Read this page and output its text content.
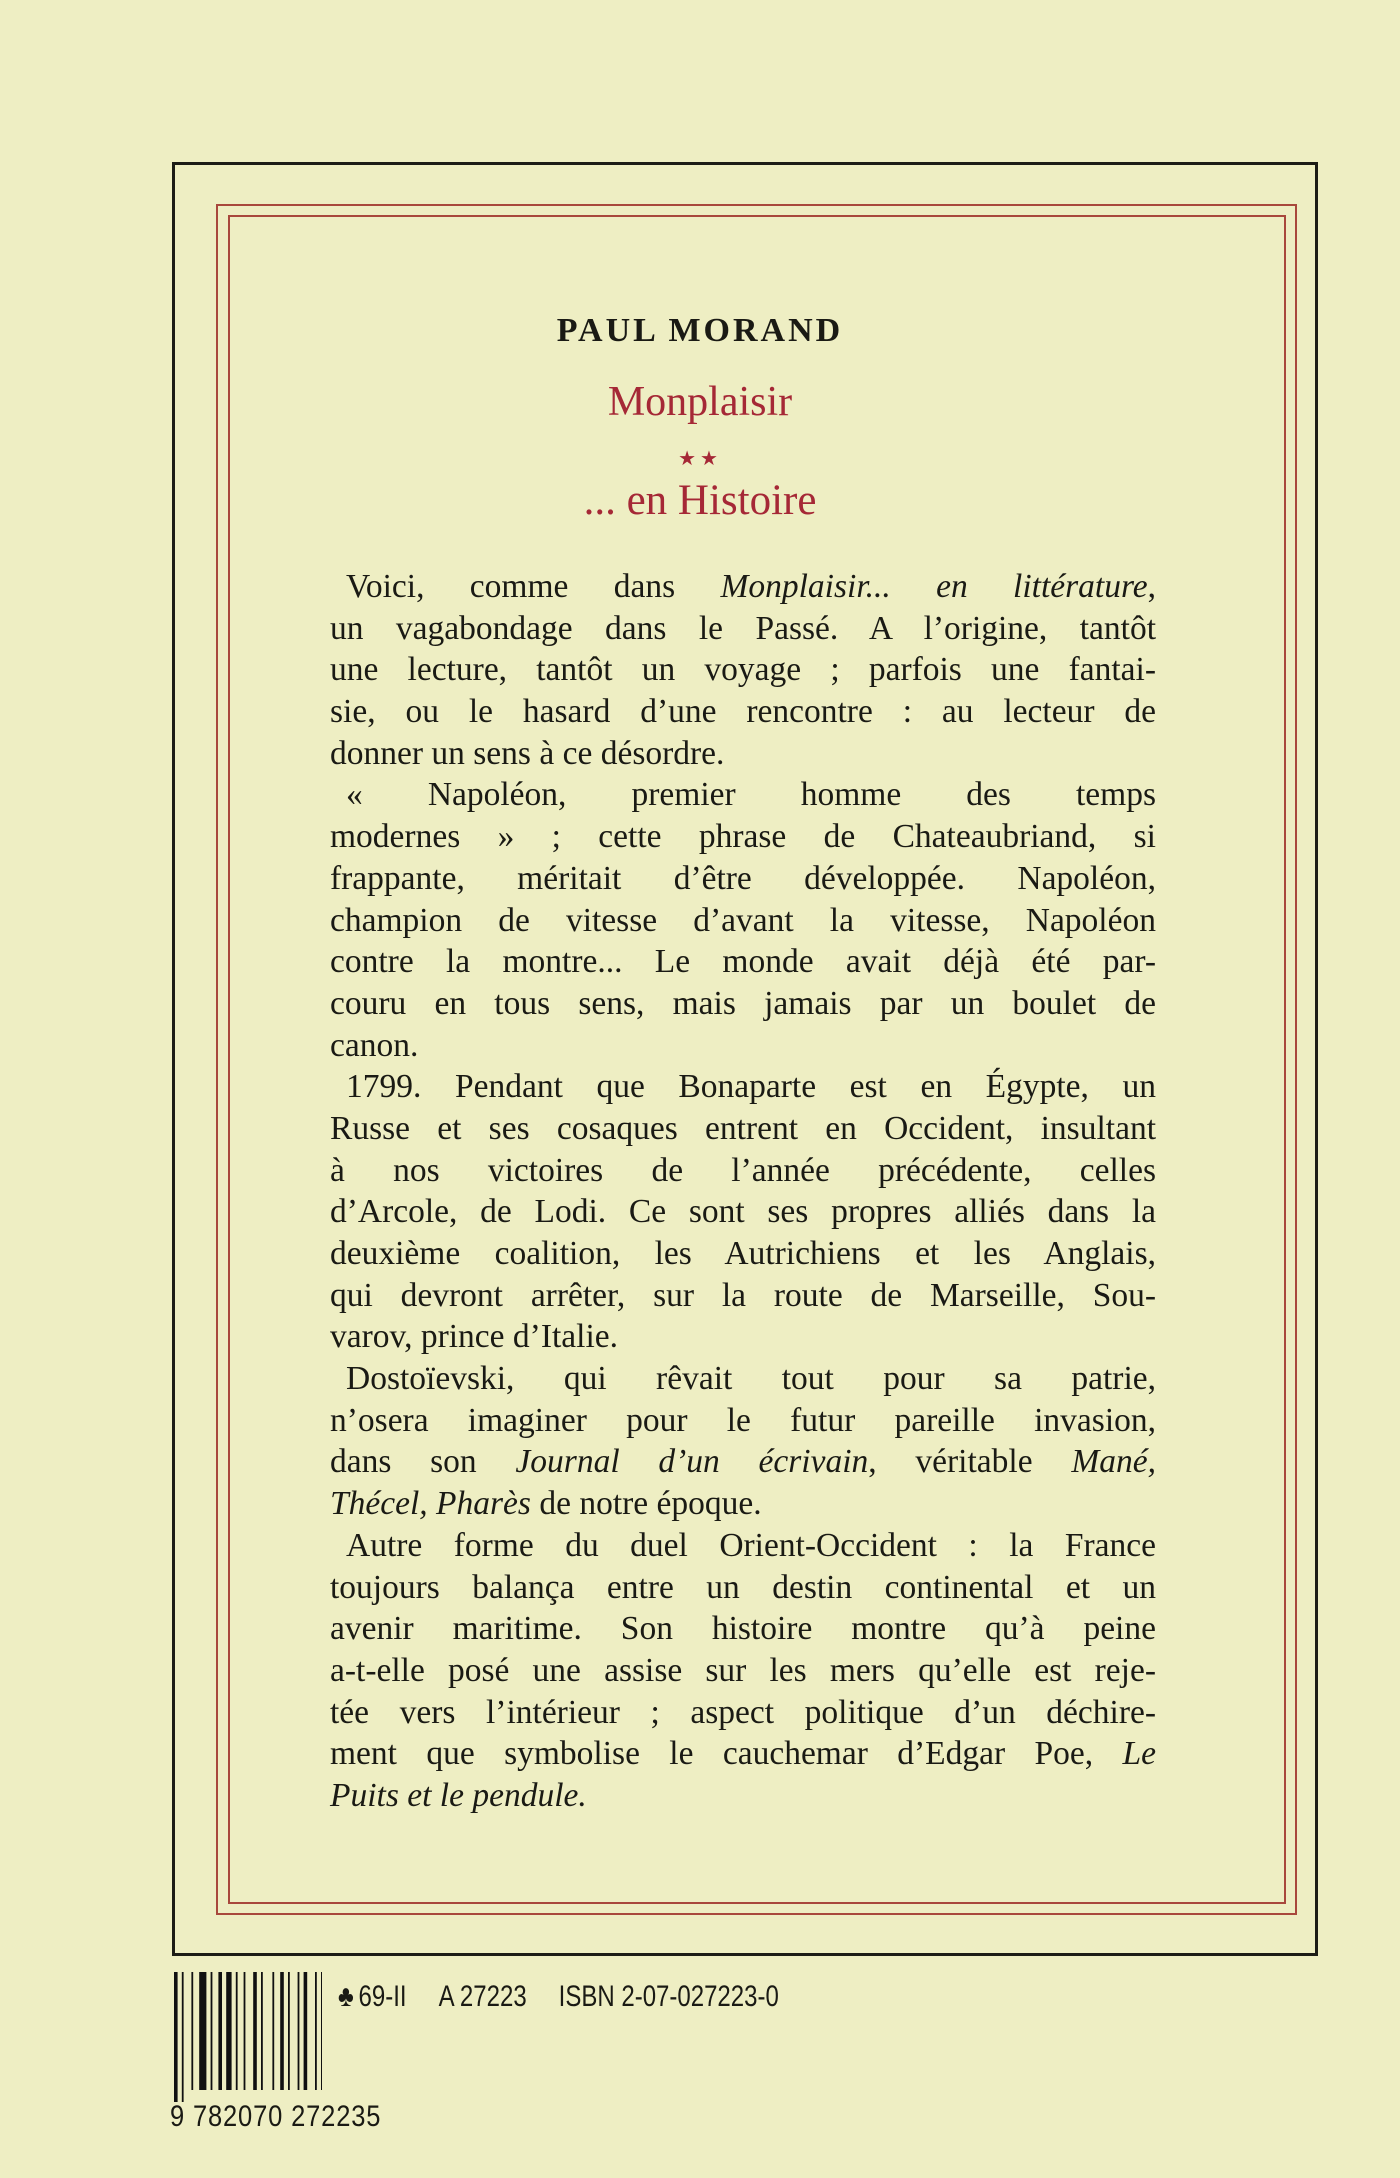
PAUL MORAND
Monplaisir
★★
... en Histoire
Voici, comme dans Monplaisir... en littérature,
un vagabondage dans le Passé. A l’origine, tantôt
une lecture, tantôt un voyage ; parfois une fantai-
sie, ou le hasard d’une rencontre : au lecteur de
donner un sens à ce désordre.
« Napoléon, premier homme des temps
modernes » ; cette phrase de Chateaubriand, si
frappante, méritait d’être développée. Napoléon,
champion de vitesse d’avant la vitesse, Napoléon
contre la montre... Le monde avait déjà été par-
couru en tous sens, mais jamais par un boulet de
canon.
1799. Pendant que Bonaparte est en Égypte, un
Russe et ses cosaques entrent en Occident, insultant
à nos victoires de l’année précédente, celles
d’Arcole, de Lodi. Ce sont ses propres alliés dans la
deuxième coalition, les Autrichiens et les Anglais,
qui devront arrêter, sur la route de Marseille, Sou-
varov, prince d’Italie.
Dostoïevski, qui rêvait tout pour sa patrie,
n’osera imaginer pour le futur pareille invasion,
dans son Journal d’un écrivain, véritable Mané,
Thécel, Pharès de notre époque.
Autre forme du duel Orient-Occident : la France
toujours balança entre un destin continental et un
avenir maritime. Son histoire montre qu’à peine
a-t-elle posé une assise sur les mers qu’elle est reje-
tée vers l’intérieur ; aspect politique d’un déchire-
ment que symbolise le cauchemar d’Edgar Poe, Le
Puits et le pendule.
9 782070 272235
♣ 69-II A 27223 ISBN 2-07-027223-0
